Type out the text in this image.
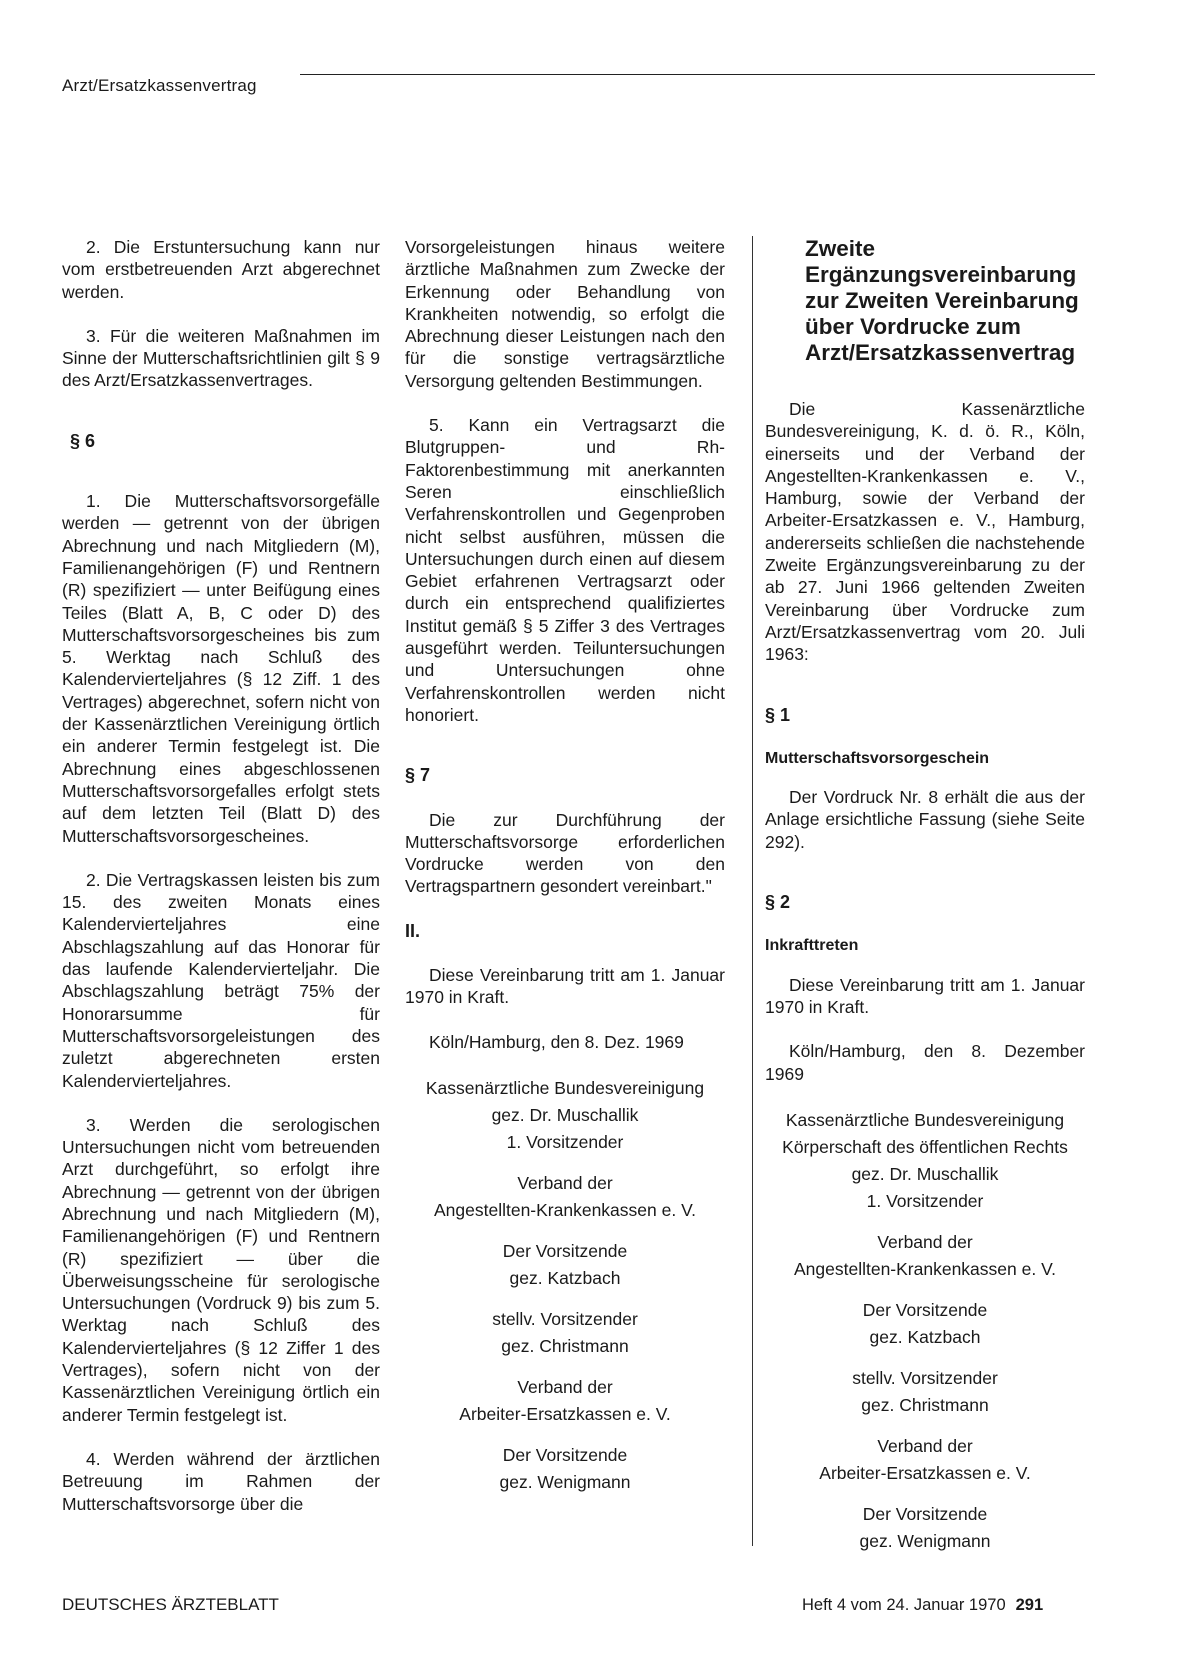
Arzt/Ersatzkassenvertrag

2. Die Erstuntersuchung kann nur vom erstbetreuenden Arzt abgerechnet werden.

3. Für die weiteren Maßnahmen im Sinne der Mutterschaftsrichtlinien gilt § 9 des Arzt/Ersatzkassenvertrages.

§ 6

1. Die Mutterschaftsvorsorgefälle werden — getrennt von der übrigen Abrechnung und nach Mitgliedern (M), Familienangehörigen (F) und Rentnern (R) spezifiziert — unter Beifügung eines Teiles (Blatt A, B, C oder D) des Mutterschaftsvorsorgescheines bis zum 5. Werktag nach Schluß des Kalendervierteljahres (§ 12 Ziff. 1 des Vertrages) abgerechnet, sofern nicht von der Kassenärztlichen Vereinigung örtlich ein anderer Termin festgelegt ist. Die Abrechnung eines abgeschlossenen Mutterschaftsvorsorgefalles erfolgt stets auf dem letzten Teil (Blatt D) des Mutterschaftsvorsorgescheines.

2. Die Vertragskassen leisten bis zum 15. des zweiten Monats eines Kalendervierteljahres eine Abschlagszahlung auf das Honorar für das laufende Kalendervierteljahr. Die Abschlagszahlung beträgt 75% der Honorarsumme für Mutterschaftsvorsorgeleistungen des zuletzt abgerechneten ersten Kalendervierteljahres.

3. Werden die serologischen Untersuchungen nicht vom betreuenden Arzt durchgeführt, so erfolgt ihre Abrechnung — getrennt von der übrigen Abrechnung und nach Mitgliedern (M), Familienangehörigen (F) und Rentnern (R) spezifiziert — über die Überweisungsscheine für serologische Untersuchungen (Vordruck 9) bis zum 5. Werktag nach Schluß des Kalendervierteljahres (§ 12 Ziffer 1 des Vertrages), sofern nicht von der Kassenärztlichen Vereinigung örtlich ein anderer Termin festgelegt ist.

4. Werden während der ärztlichen Betreuung im Rahmen der Mutterschaftsvorsorge über die

Vorsorgeleistungen hinaus weitere ärztliche Maßnahmen zum Zwecke der Erkennung oder Behandlung von Krankheiten notwendig, so erfolgt die Abrechnung dieser Leistungen nach den für die sonstige vertragsärztliche Versorgung geltenden Bestimmungen.

5. Kann ein Vertragsarzt die Blutgruppen- und Rh-Faktorenbestimmung mit anerkannten Seren einschließlich Verfahrenskontrollen und Gegenproben nicht selbst ausführen, müssen die Untersuchungen durch einen auf diesem Gebiet erfahrenen Vertragsarzt oder durch ein entsprechend qualifiziertes Institut gemäß § 5 Ziffer 3 des Vertrages ausgeführt werden. Teiluntersuchungen und Untersuchungen ohne Verfahrenskontrollen werden nicht honoriert.

§ 7

Die zur Durchführung der Mutterschaftsvorsorge erforderlichen Vordrucke werden von den Vertragspartnern gesondert vereinbart."

II.

Diese Vereinbarung tritt am 1. Januar 1970 in Kraft.

Köln/Hamburg, den 8. Dez. 1969

Kassenärztliche Bundesvereinigung
gez. Dr. Muschallik
1. Vorsitzender
Verband der
Angestellten-Krankenkassen e. V.
Der Vorsitzende
gez. Katzbach
stellv. Vorsitzender
gez. Christmann
Verband der
Arbeiter-Ersatzkassen e. V.
Der Vorsitzende
gez. Wenigmann
Zweite Ergänzungsvereinbarung zur Zweiten Vereinbarung über Vordrucke zum Arzt/Ersatzkassenvertrag

Die Kassenärztliche Bundesvereinigung, K. d. ö. R., Köln, einerseits und der Verband der Angestellten-Krankenkassen e. V., Hamburg, sowie der Verband der Arbeiter-Ersatzkassen e. V., Hamburg, andererseits schließen die nachstehende Zweite Ergänzungsvereinbarung zu der ab 27. Juni 1966 geltenden Zweiten Vereinbarung über Vordrucke zum Arzt/Ersatzkassenvertrag vom 20. Juli 1963:

§ 1
Mutterschaftsvorsorgeschein

Der Vordruck Nr. 8 erhält die aus der Anlage ersichtliche Fassung (siehe Seite 292).

§ 2
Inkrafttreten

Diese Vereinbarung tritt am 1. Januar 1970 in Kraft.

Köln/Hamburg, den 8. Dezember 1969

Kassenärztliche Bundesvereinigung
Körperschaft des öffentlichen Rechts
gez. Dr. Muschallik
1. Vorsitzender
Verband der
Angestellten-Krankenkassen e. V.
Der Vorsitzende
gez. Katzbach
stellv. Vorsitzender
gez. Christmann
Verband der
Arbeiter-Ersatzkassen e. V.
Der Vorsitzende
gez. Wenigmann
DEUTSCHES ÄRZTEBLATT	Heft 4 vom 24. Januar 1970 291
